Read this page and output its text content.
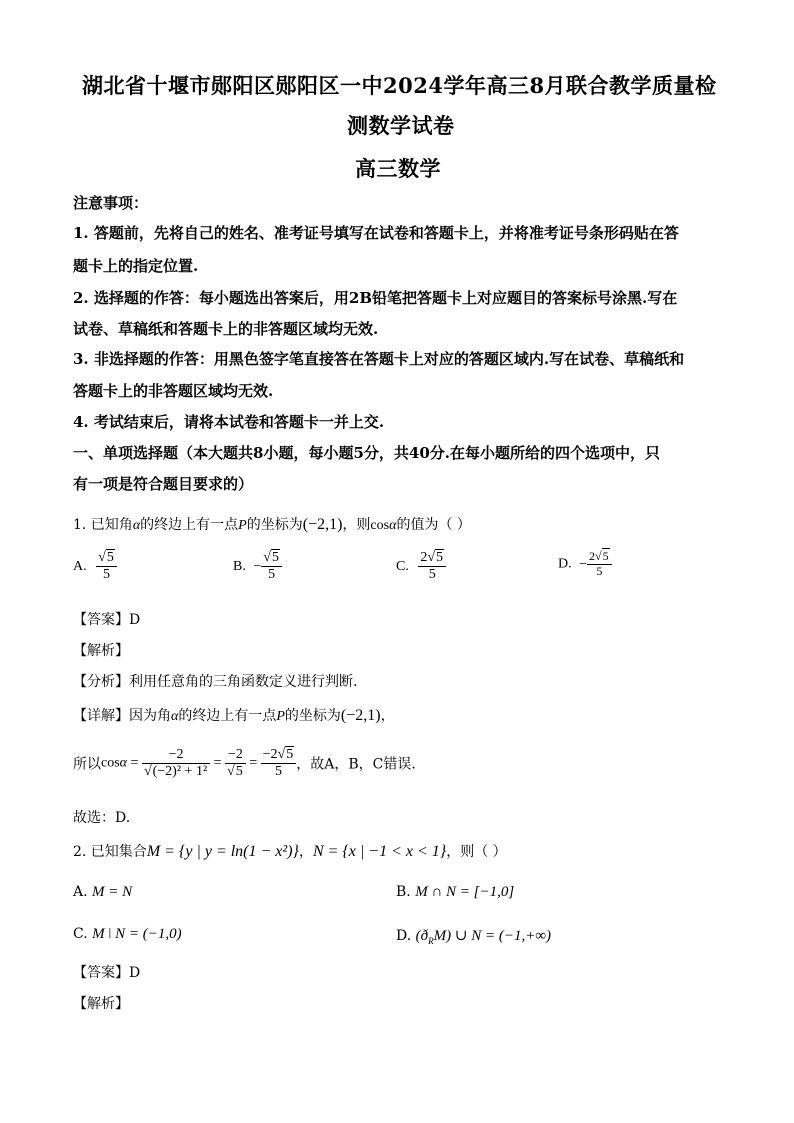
湖北省十堰市郧阳区郧阳区一中2024学年高三8月联合教学质量检
测数学试卷
高三数学
注意事项：
1. 答题前，先将自己的姓名、准考证号填写在试卷和答题卡上，并将准考证号条形码贴在答
题卡上的指定位置.
2. 选择题的作答：每小题选出答案后，用2B铅笔把答题卡上对应题目的答案标号涂黑.写在
试卷、草稿纸和答题卡上的非答题区域均无效.
3. 非选择题的作答：用黑色签字笔直接答在答题卡上对应的答题区域内.写在试卷、草稿纸和
答题卡上的非答题区域均无效.
4. 考试结束后，请将本试卷和答题卡一并上交.
一、单项选择题（本大题共8小题，每小题5分，共40分.在每小题所给的四个选项中，只
有一项是符合题目要求的）
1. 已知角α的终边上有一点P的坐标为(−2,1)，则cosα的值为（ ）
A. $\frac{√5}{5}$	B. − $\frac{√5}{5}$	C. $\frac{2√5}{5}$	D. − $\frac{2√5}{5}$
【答案】D
【解析】
【分析】利用任意角的三角函数定义进行判断.
【详解】因为角α的终边上有一点P的坐标为(−2,1)，
所以$\cos\alpha = \frac{-2}{\text{√(−2)² + 1²}} = \frac{-2}{√5} = \frac{-2√5}{5}$ ，故A，B，C错误.
故选：D.
2. 已知集合M = {y | y = ln(1 − x²)}，N = {x | −1 < x < 1}，则（ ）
A. M = N	B. M ∩ N = [−1,0]
C. M ǀ N = (−1,0)	D. $(ð_RM)$ ∪ N = (−1,+∞)
【答案】D
【解析】
